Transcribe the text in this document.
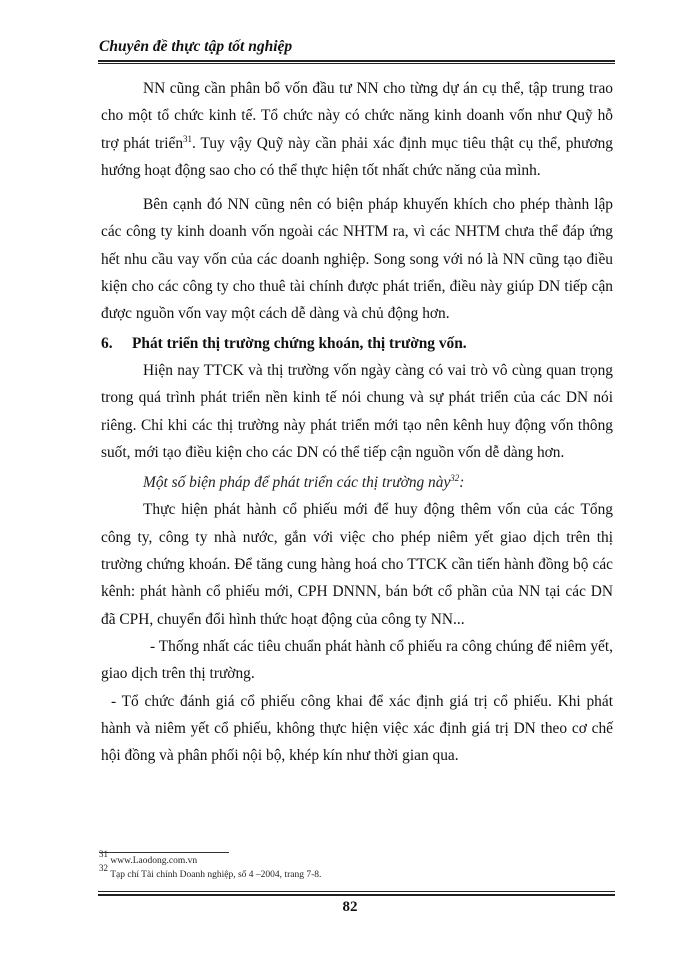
Chuyên đề thực tập tốt nghiệp

NN cũng cần phân bổ vốn đầu tư NN cho từng dự án cụ thể, tập trung trao cho một tổ chức kinh tế. Tổ chức này có chức năng kinh doanh vốn như Quỹ hỗ trợ phát triển$^{31}$. Tuy vậy Quỹ này cần phải xác định mục tiêu thật cụ thể, phương hướng hoạt động sao cho có thể thực hiện tốt nhất chức năng của mình.

Bên cạnh đó NN cũng nên có biện pháp khuyến khích cho phép thành lập các công ty kinh doanh vốn ngoài các NHTM ra, vì các NHTM chưa thể đáp ứng hết nhu cầu vay vốn của các doanh nghiệp. Song song với nó là NN cũng tạo điều kiện cho các công ty cho thuê tài chính được phát triển, điều này giúp DN tiếp cận được nguồn vốn vay một cách dễ dàng và chủ động hơn.

6. Phát triển thị trường chứng khoán, thị trường vốn.

Hiện nay TTCK và thị trường vốn ngày càng có vai trò vô cùng quan trọng trong quá trình phát triển nền kinh tế nói chung và sự phát triển của các DN nói riêng. Chỉ khi các thị trường này phát triển mới tạo nên kênh huy động vốn thông suốt, mới tạo điều kiện cho các DN có thể tiếp cận nguồn vốn dễ dàng hơn.

Một số biện pháp để phát triển các thị trường này$^{32}$:

Thực hiện phát hành cổ phiếu mới để huy động thêm vốn của các Tổng công ty, công ty nhà nước, gắn với việc cho phép niêm yết giao dịch trên thị trường chứng khoán. Để tăng cung hàng hoá cho TTCK cần tiến hành đồng bộ các kênh: phát hành cổ phiếu mới, CPH DNNN, bán bớt cổ phần của NN tại các DN đã CPH, chuyển đổi hình thức hoạt động của công ty NN...

- Thống nhất các tiêu chuẩn phát hành cổ phiếu ra công chúng để niêm yết, giao dịch trên thị trường.

- Tổ chức đánh giá cổ phiếu công khai để xác định giá trị cổ phiếu. Khi phát hành và niêm yết cổ phiếu, không thực hiện việc xác định giá trị DN theo cơ chế hội đồng và phân phối nội bộ, khép kín như thời gian qua.

$^{31}$ www.Laodong.com.vn
$^{32}$ Tạp chí Tài chính Doanh nghiệp, số 4 –2004, trang 7-8.
82
